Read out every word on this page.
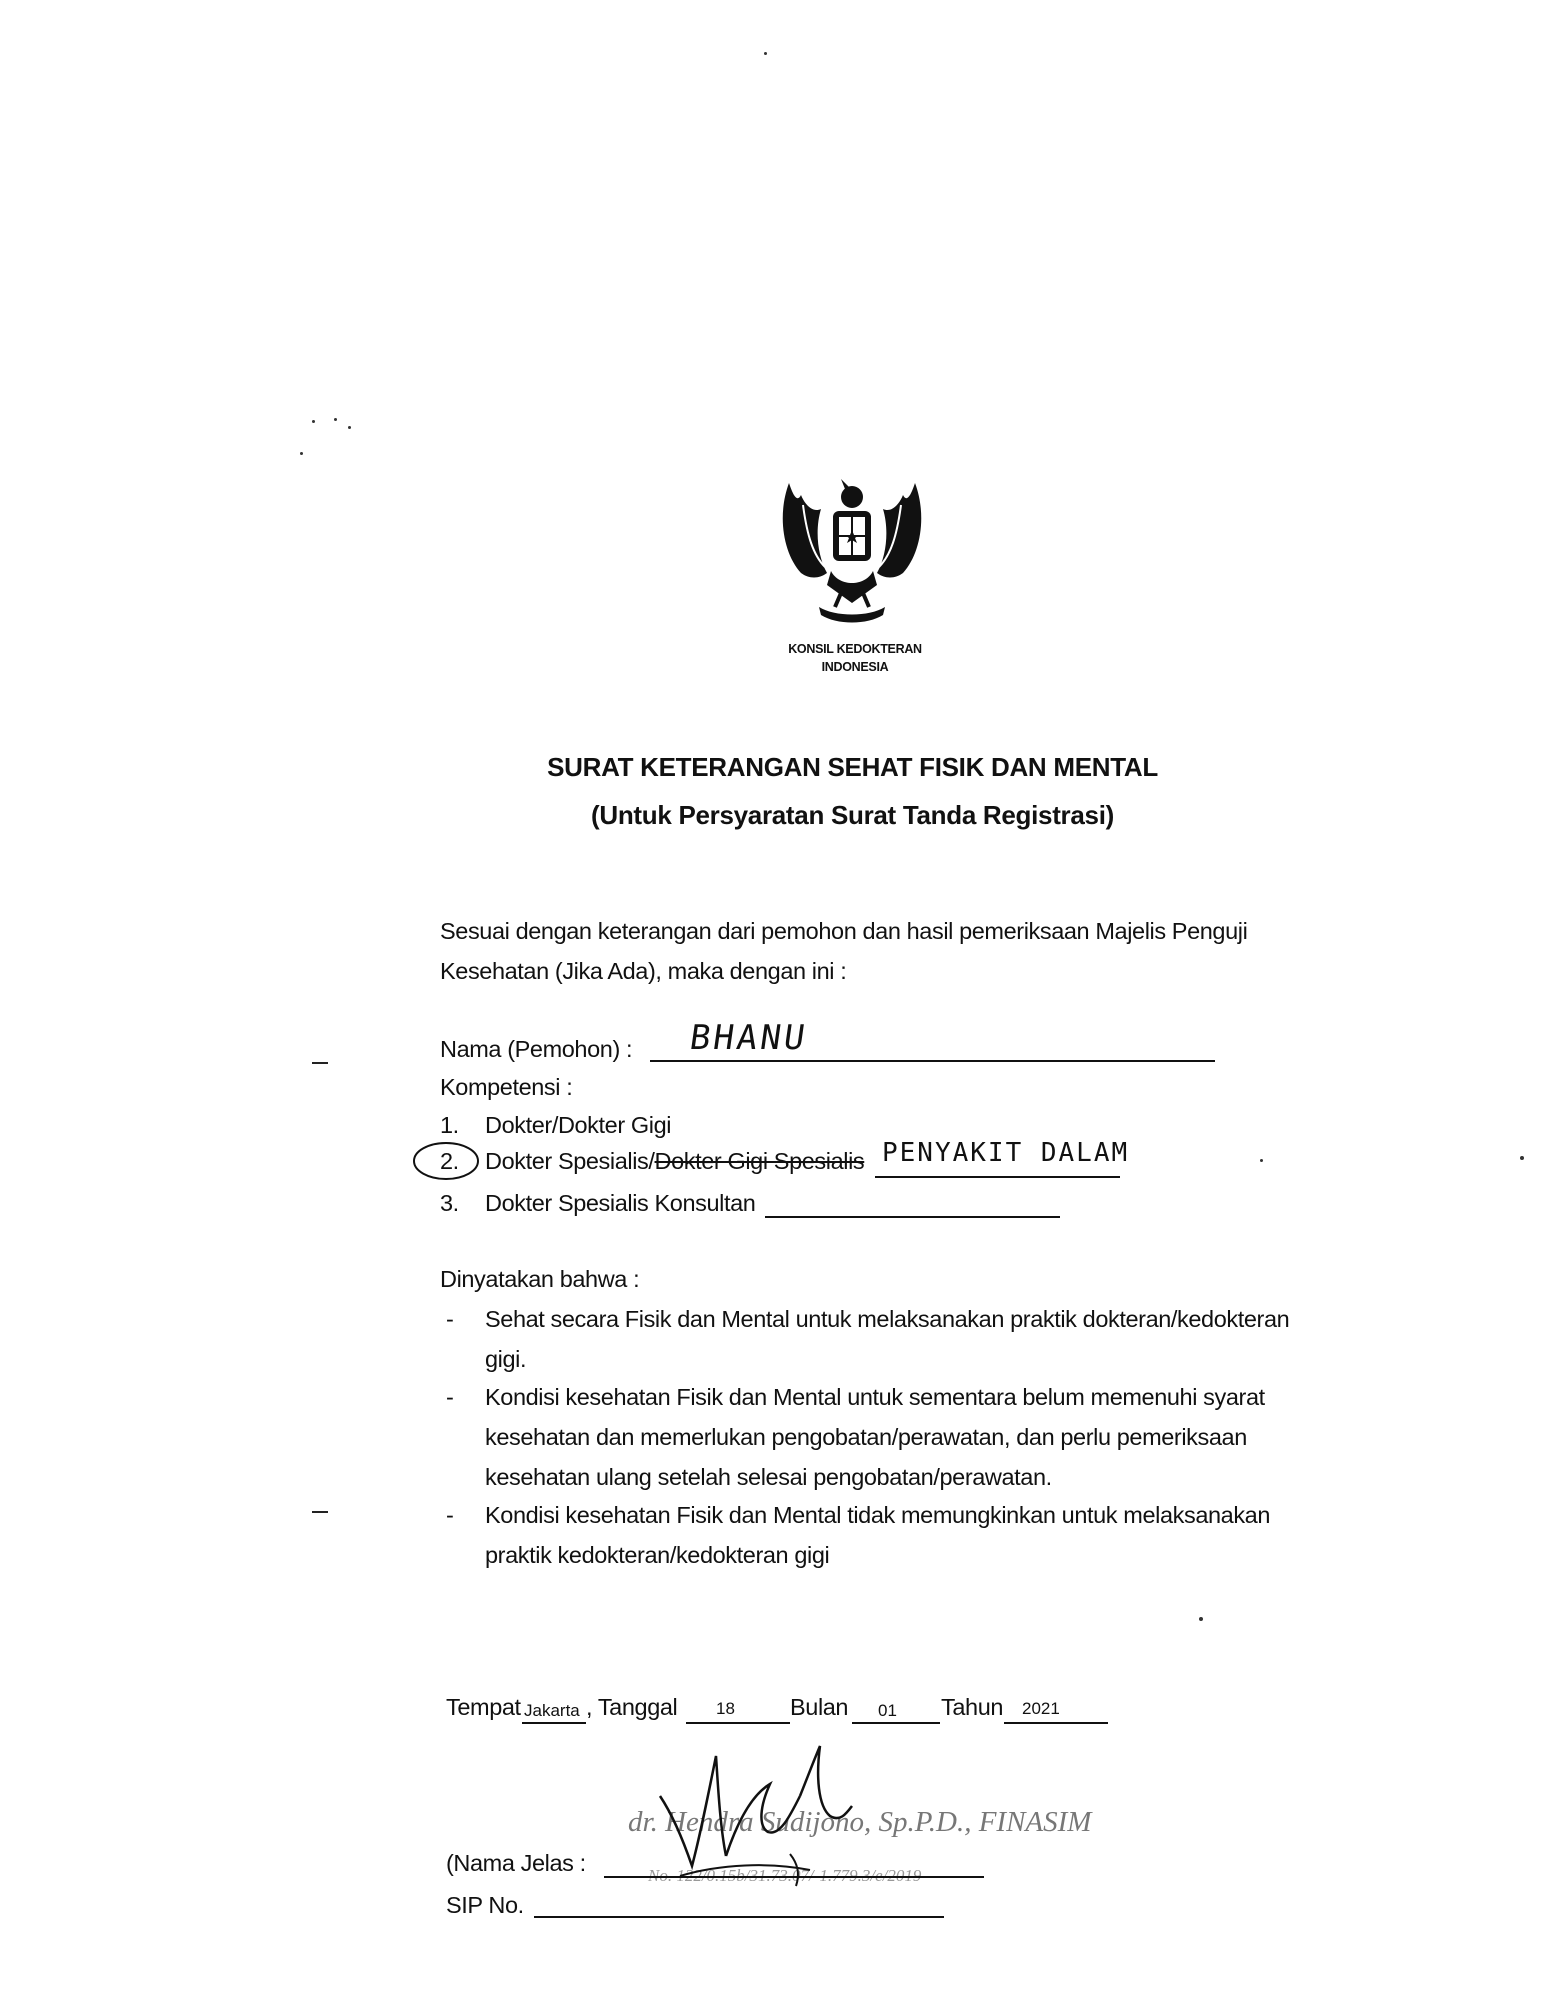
KONSIL KEDOKTERAN
INDONESIA
SURAT KETERANGAN SEHAT FISIK DAN MENTAL
(Untuk Persyaratan Surat Tanda Registrasi)
Sesuai dengan keterangan dari pemohon dan hasil pemeriksaan Majelis Penguji
Kesehatan (Jika Ada), maka dengan ini :
Nama (Pemohon) : BHANU
Kompetensi :
1. Dokter/Dokter Gigi
2. Dokter Spesialis/Dokter Gigi Spesialis PENYAKIT DALAM
3. Dokter Spesialis Konsultan
Dinyatakan bahwa :
- Sehat secara Fisik dan Mental untuk melaksanakan praktik dokteran/kedokteran
gigi.
- Kondisi kesehatan Fisik dan Mental untuk sementara belum memenuhi syarat
kesehatan dan memerlukan pengobatan/perawatan, dan perlu pemeriksaan
kesehatan ulang setelah selesai pengobatan/perawatan.
- Kondisi kesehatan Fisik dan Mental tidak memungkinkan untuk melaksanakan
praktik kedokteran/kedokteran gigi
Tempat Jakarta , Tanggal 18 Bulan 01 Tahun 2021
dr. Hendra Sudijono, Sp.P.D., FINASIM
No. 122/0.15b/31.73.07/-1.779.3/e/2019
(Nama Jelas :
SIP No.
